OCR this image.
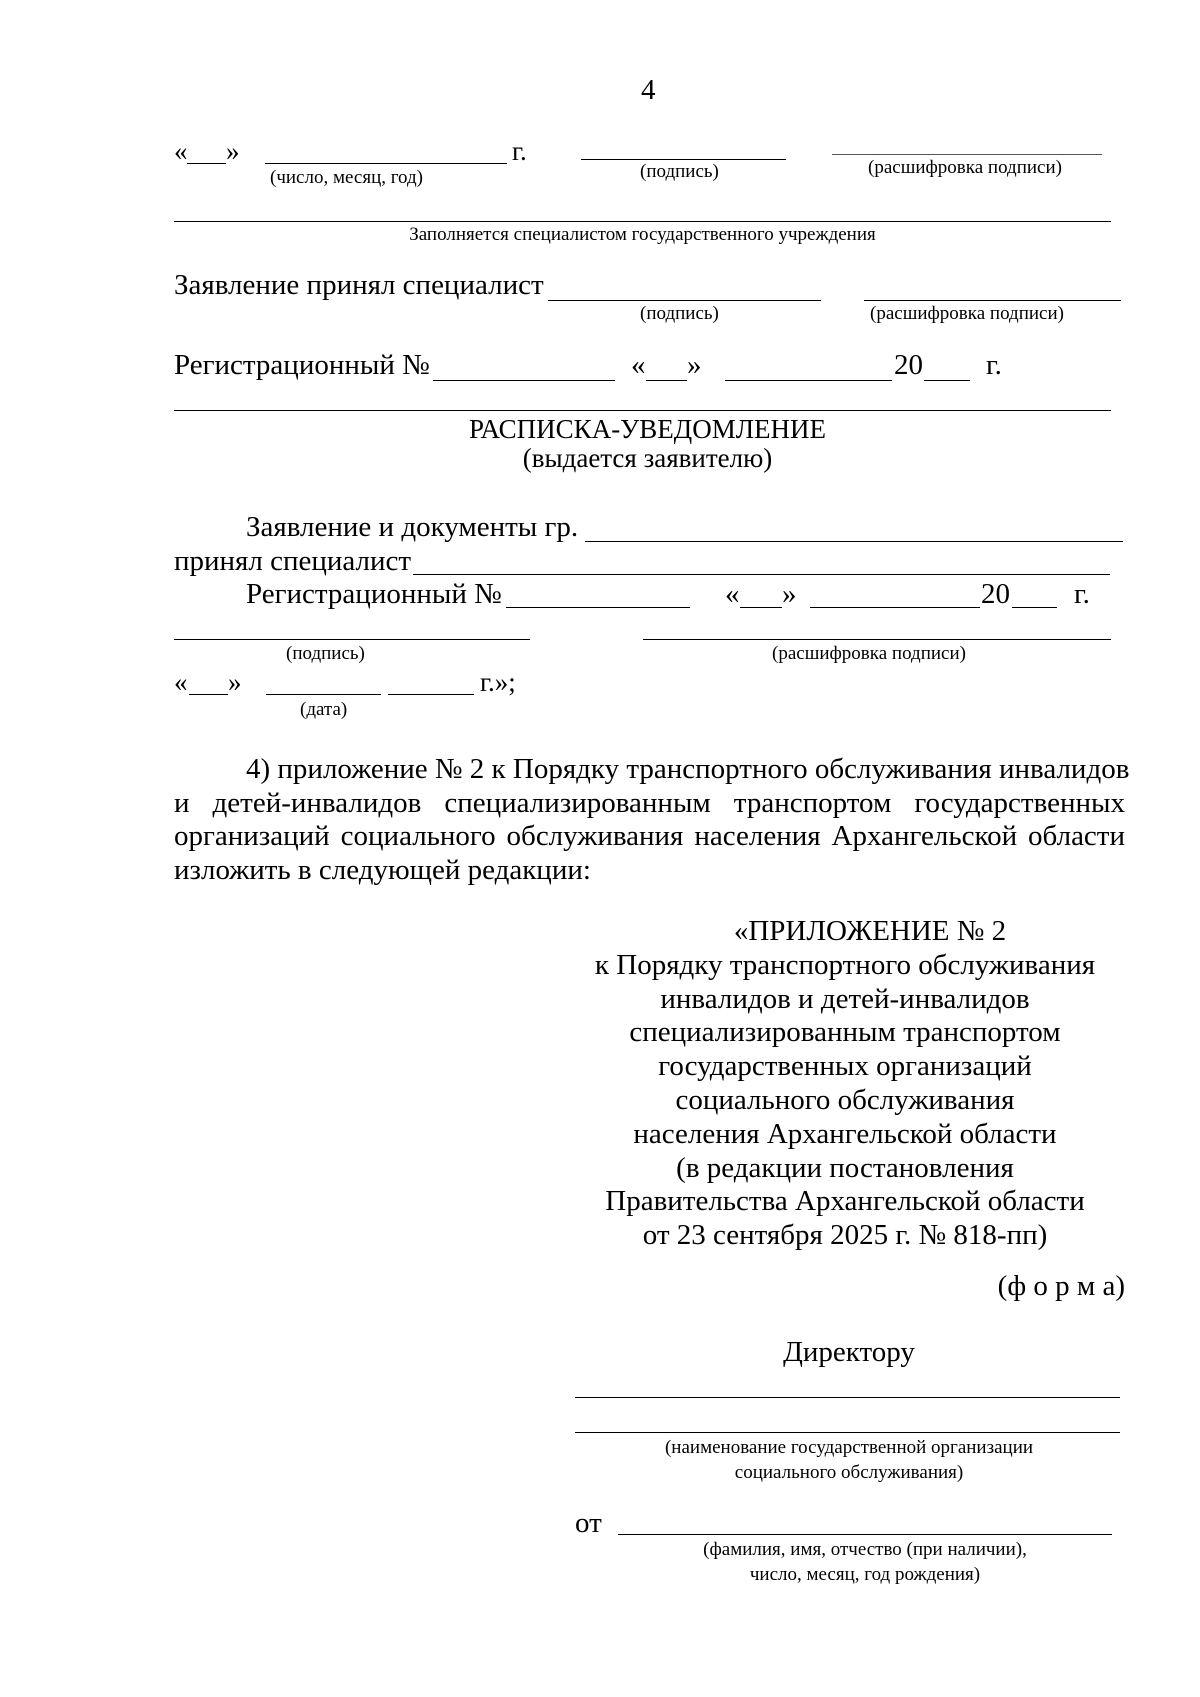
4
« »	г.
(число, месяц, год)	(подпись)	(расшифровка подписи)
Заполняется специалистом государственного учреждения
Заявление принял специалист
(подпись)	(расшифровка подписи)
Регистрационный №	« »	20 г.
РАСПИСКА-УВЕДОМЛЕНИЕ
(выдается заявителю)
Заявление и документы гр.
принял специалист
Регистрационный №	« »	20 г.
(подпись)	(расшифровка подписи)
« »	г.»;
(дата)
4) приложение № 2 к Порядку транспортного обслуживания инвалидов
и детей-инвалидов специализированным транспортом государственных
организаций социального обслуживания населения Архангельской области
изложить в следующей редакции:
«ПРИЛОЖЕНИЕ № 2
к Порядку транспортного обслуживания
инвалидов и детей-инвалидов
специализированным транспортом
государственных организаций
социального обслуживания
населения Архангельской области
(в редакции постановления
Правительства Архангельской области
от 23 сентября 2025 г. № 818-пп)
(ф о р м а)
Директору
(наименование государственной организации
социального обслуживания)
от
(фамилия, имя, отчество (при наличии),
число, месяц, год рождения)
